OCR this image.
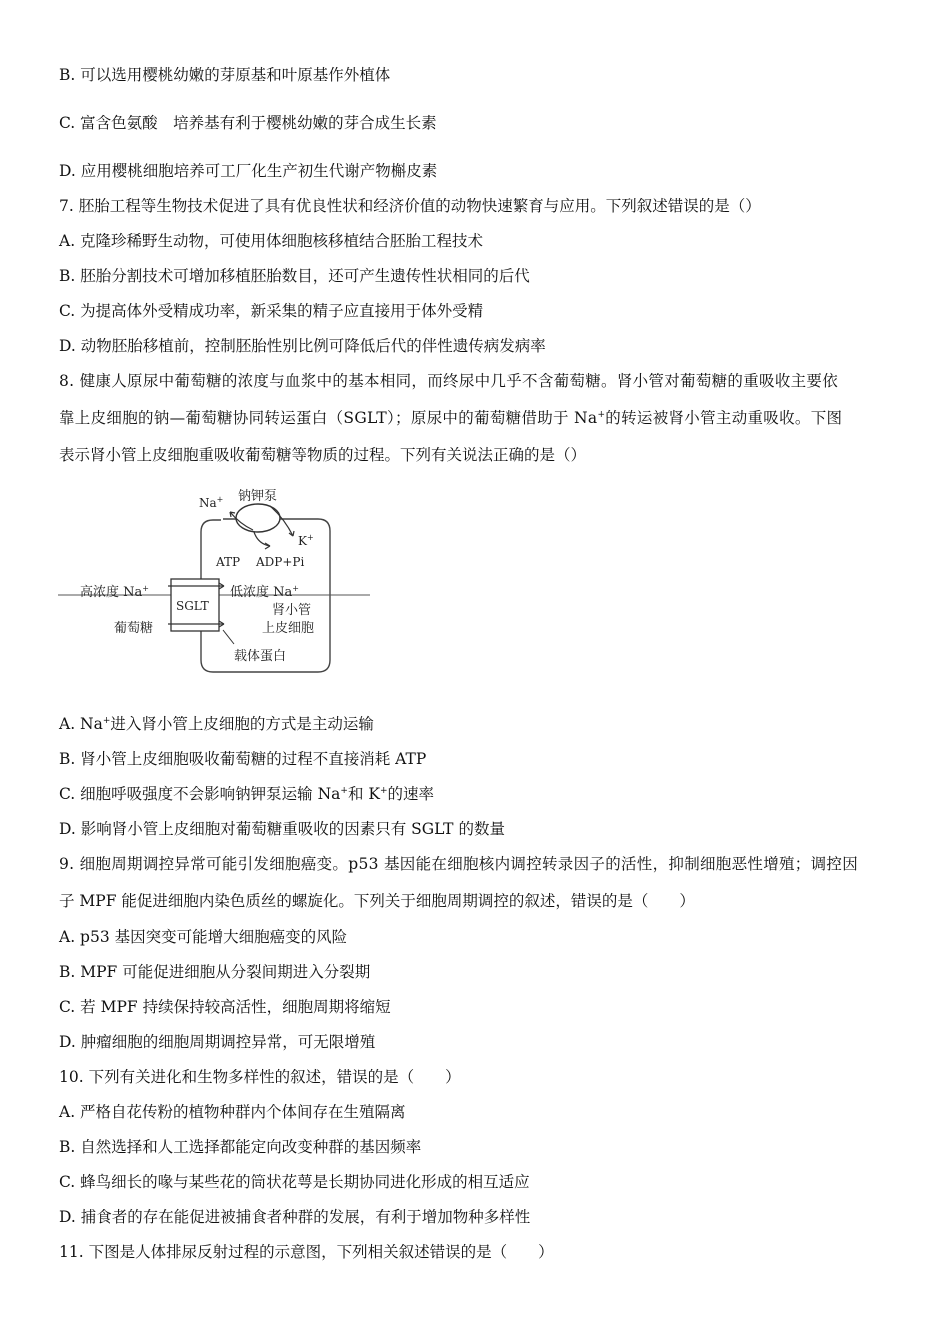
B. 可以选用樱桃幼嫩的芽原基和叶原基作外植体
C. 富含色氨酸　培养基有利于樱桃幼嫩的芽合成生长素
D. 应用樱桃细胞培养可工厂化生产初生代谢产物槲皮素
7. 胚胎工程等生物技术促进了具有优良性状和经济价值的动物快速繁育与应用。下列叙述错误的是（）
A. 克隆珍稀野生动物，可使用体细胞核移植结合胚胎工程技术
B. 胚胎分割技术可增加移植胚胎数目，还可产生遗传性状相同的后代
C. 为提高体外受精成功率，新采集的精子应直接用于体外受精
D. 动物胚胎移植前，控制胚胎性别比例可降低后代的伴性遗传病发病率
8. 健康人原尿中葡萄糖的浓度与血浆中的基本相同，而终尿中几乎不含葡萄糖。肾小管对葡萄糖的重吸收主要依
靠上皮细胞的钠—葡萄糖协同转运蛋白（SGLT）；原尿中的葡萄糖借助于 Na+的转运被肾小管主动重吸收。下图
表示肾小管上皮细胞重吸收葡萄糖等物质的过程。下列有关说法正确的是（）
钠钾泵
Na+
K+
ATP ADP+Pi
SGLT
高浓度 Na+	低浓度 Na+
葡萄糖
肾小管
上皮细胞
载体蛋白
A. Na+进入肾小管上皮细胞的方式是主动运输
B. 肾小管上皮细胞吸收葡萄糖的过程不直接消耗 ATP
C. 细胞呼吸强度不会影响钠钾泵运输 Na+和 K+的速率
D. 影响肾小管上皮细胞对葡萄糖重吸收的因素只有 SGLT 的数量
9. 细胞周期调控异常可能引发细胞癌变。p53 基因能在细胞核内调控转录因子的活性，抑制细胞恶性增殖；调控因
子 MPF 能促进细胞内染色质丝的螺旋化。下列关于细胞周期调控的叙述，错误的是（　　）
A. p53 基因突变可能增大细胞癌变的风险
B. MPF 可能促进细胞从分裂间期进入分裂期
C. 若 MPF 持续保持较高活性，细胞周期将缩短
D. 肿瘤细胞的细胞周期调控异常，可无限增殖
10. 下列有关进化和生物多样性的叙述，错误的是（　　）
A. 严格自花传粉的植物种群内个体间存在生殖隔离
B. 自然选择和人工选择都能定向改变种群的基因频率
C. 蜂鸟细长的喙与某些花的筒状花萼是长期协同进化形成的相互适应
D. 捕食者的存在能促进被捕食者种群的发展，有利于增加物种多样性
11. 下图是人体排尿反射过程的示意图，下列相关叙述错误的是（　　）
